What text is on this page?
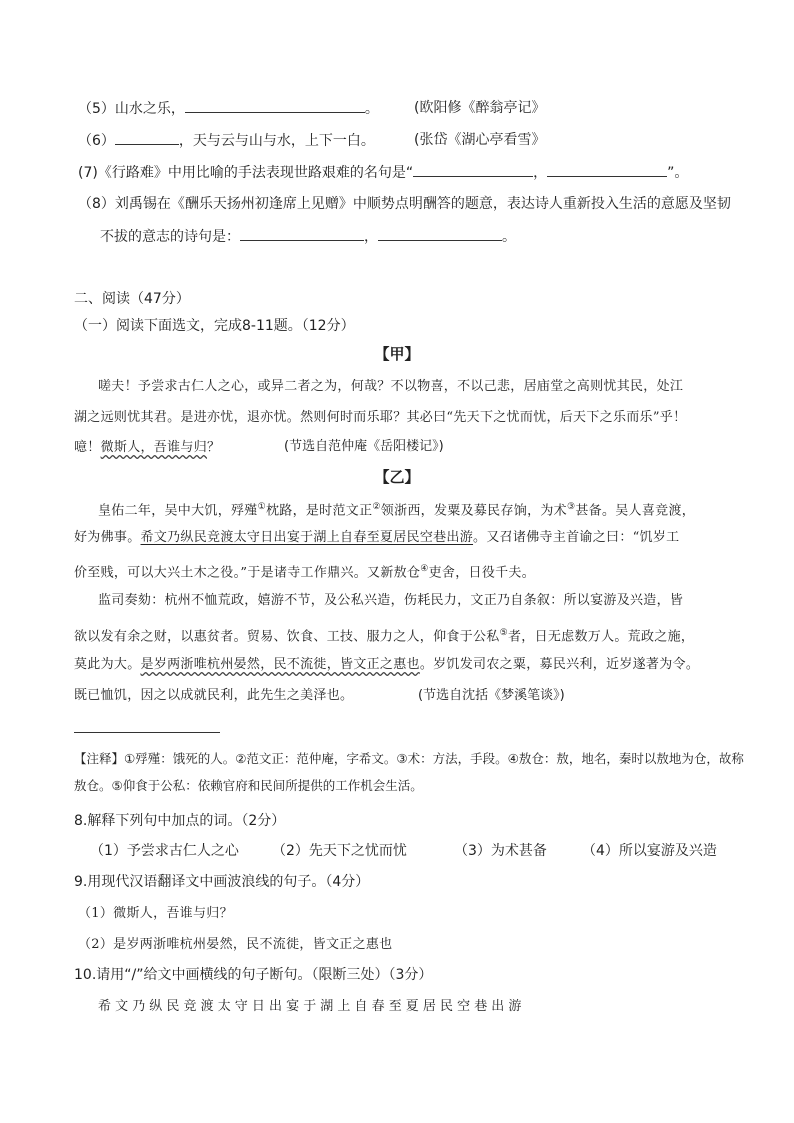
（5）山水之乐，	。	(欧阳修《醉翁亭记》
（6）	，天与云与山与水，上下一白。	(张岱《湖心亭看雪》
(7)《行路难》中用比喻的手法表现世路艰难的名句是“	，	”。
（8）刘禹锡在《酬乐天扬州初逢席上见赠》中顺势点明酬答的题意，表达诗人重新投入生活的意愿及坚韧
不拔的意志的诗句是：	，	。
二、阅读（47分）
（一）阅读下面选文，完成8-11题。（12分）
【甲】
嗟夫！予尝求古仁人之心，或异二者之为，何哉？不以物喜，不以己悲，居庙堂之高则忧其民，处江
湖之远则忧其君。是进亦忧，退亦忧。然则何时而乐耶？其必曰“先天下之忧而忧，后天下之乐而乐”乎！
噫！微斯人，吾谁与归？	(节选自范仲庵《岳阳楼记》)
【乙】
皇佑二年，吴中大饥，殍殣①枕路，是时范文正②领浙西，发粟及募民存饷，为术③甚备。吴人喜竞渡，
好为佛事。希文乃纵民竞渡太守日出宴于湖上自春至夏居民空巷出游。又召诸佛寺主首谕之曰：“饥岁工
价至贱，可以大兴土木之役。”于是诸寺工作鼎兴。又新敖仓④吏舍，日役千夫。
监司奏劾：杭州不恤荒政，嬉游不节，及公私兴造，伤耗民力，文正乃自条叙：所以宴游及兴造，皆
欲以发有余之财，以惠贫者。贸易、饮食、工技、服力之人，仰食于公私⑤者，日无虑数万人。荒政之施，
莫此为大。是岁两浙唯杭州晏然，民不流徙，皆文正之惠也。岁饥发司农之粟，募民兴利，近岁遂著为令。
既已恤饥，因之以成就民利，此先生之美泽也。	(节选自沈括《梦溪笔谈》)
【注释】①殍殣：饿死的人。②范文正：范仲庵，字希文。③术：方法，手段。④敖仓：敖，地名，秦时以敖地为仓，故称
敖仓。⑤仰食于公私：依赖官府和民间所提供的工作机会生活。
8.解释下列句中加点的词。（2分）
（1）予尝求古仁人之心 （2）先天下之忧而忧	（3）为术甚备	（4）所以宴游及兴造
9.用现代汉语翻译文中画波浪线的句子。（4分）
（1）微斯人，吾谁与归？
（2）是岁两浙唯杭州晏然，民不流徙，皆文正之惠也
10.请用“/”给文中画横线的句子断句。（限断三处）（3分）
希文乃纵民竞渡太守日出宴于湖上自春至夏居民空巷出游
